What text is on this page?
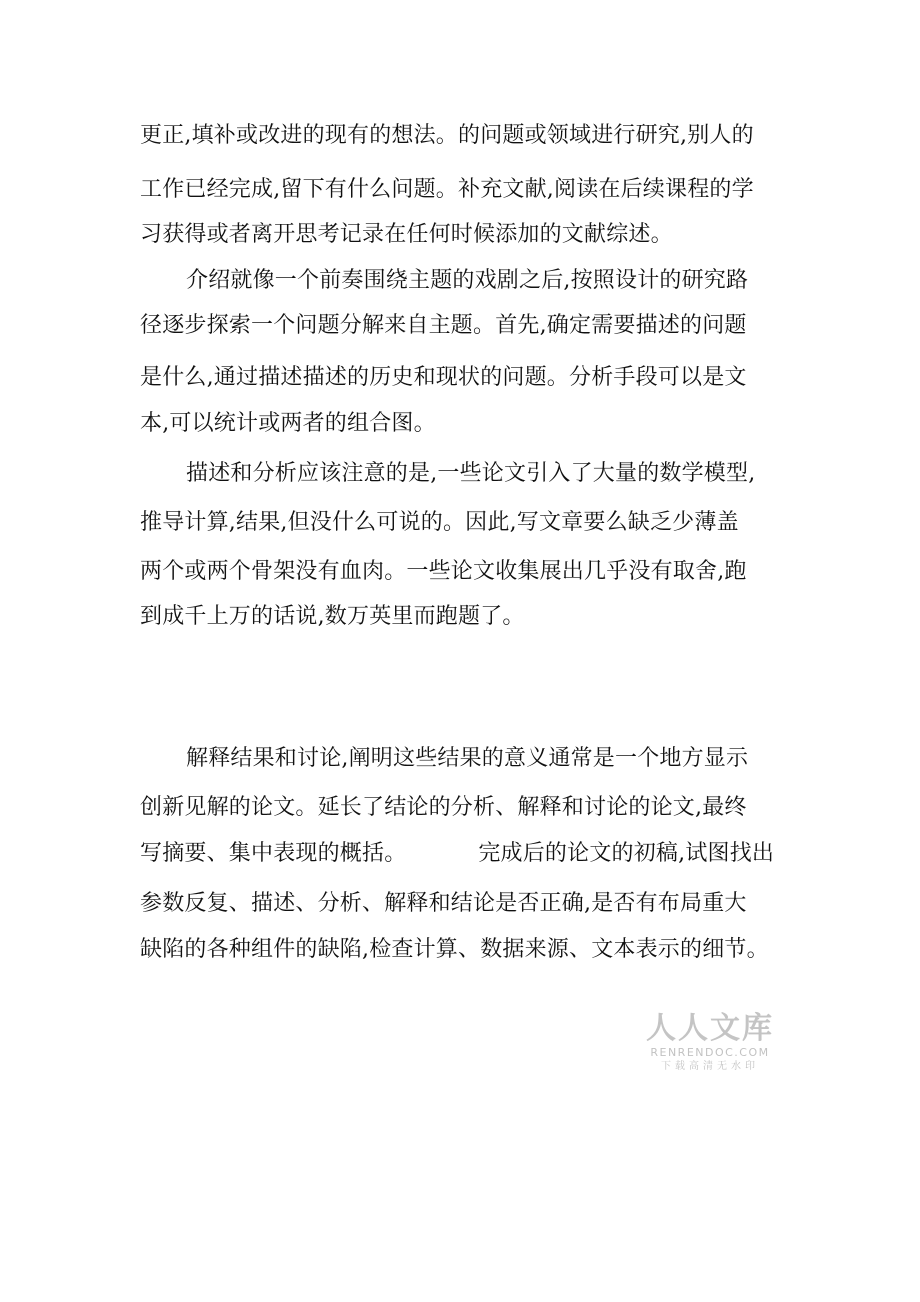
更正,填补或改进的现有的想法。的问题或领域进行研究,别人的
工作已经完成,留下有什么问题。补充文献,阅读在后续课程的学
习获得或者离开思考记录在任何时候添加的文献综述。
介绍就像一个前奏围绕主题的戏剧之后,按照设计的研究路
径逐步探索一个问题分解来自主题。首先,确定需要描述的问题
是什么,通过描述描述的历史和现状的问题。分析手段可以是文
本,可以统计或两者的组合图。
描述和分析应该注意的是,一些论文引入了大量的数学模型,
推导计算,结果,但没什么可说的。因此,写文章要么缺乏少薄盖
两个或两个骨架没有血肉。一些论文收集展出几乎没有取舍,跑
到成千上万的话说,数万英里而跑题了。
解释结果和讨论,阐明这些结果的意义通常是一个地方显示
创新见解的论文。延长了结论的分析、解释和讨论的论文,最终
写摘要、集中表现的概括。          完成后的论文的初稿,试图找出
参数反复、描述、分析、解释和结论是否正确,是否有布局重大
缺陷的各种组件的缺陷,检查计算、数据来源、文本表示的细节。
人人文库
RENRENDOC.COM
下载高清无水印
